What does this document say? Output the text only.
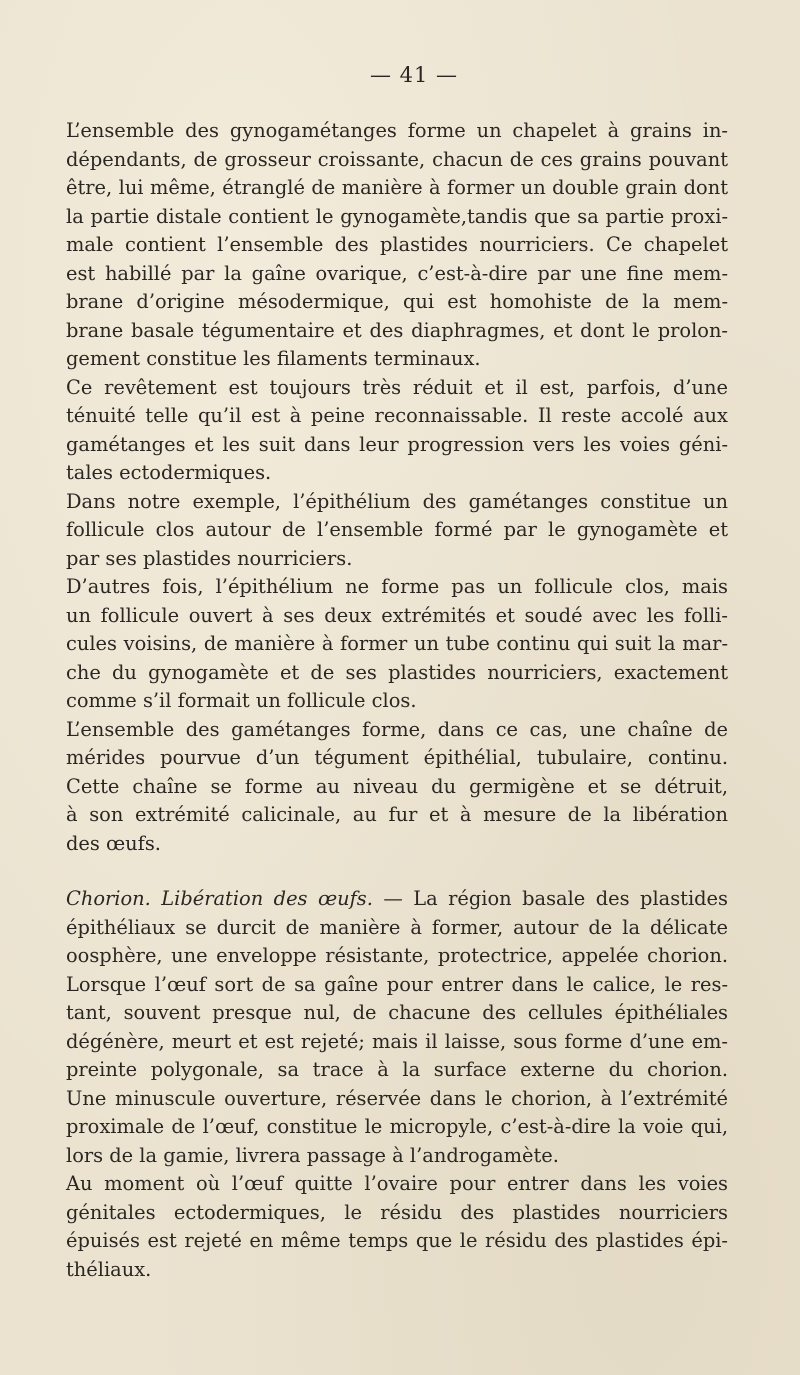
— 41 —

L’ensemble des gynogamétanges forme un chapelet à grains in-
dépendants, de grosseur croissante, chacun de ces grains pouvant
être, lui même, étranglé de manière à former un double grain dont
la partie distale contient le gynogamète,tandis que sa partie proxi-
male contient l’ensemble des plastides nourriciers. Ce chapelet
est habillé par la gaîne ovarique, c’est-à-dire par une fine mem-
brane d’origine mésodermique, qui est homohiste de la mem-
brane basale tégumentaire et des diaphragmes, et dont le prolon-
gement constitue les filaments terminaux.

Ce revêtement est toujours très réduit et il est, parfois, d’une
ténuité telle qu’il est à peine reconnaissable. Il reste accolé aux
gamétanges et les suit dans leur progression vers les voies géni-
tales ectodermiques.

Dans notre exemple, l’épithélium des gamétanges constitue un
follicule clos autour de l’ensemble formé par le gynogamète et
par ses plastides nourriciers.

D’autres fois, l’épithélium ne forme pas un follicule clos, mais
un follicule ouvert à ses deux extrémités et soudé avec les folli-
cules voisins, de manière à former un tube continu qui suit la mar-
che du gynogamète et de ses plastides nourriciers, exactement
comme s’il formait un follicule clos.

L’ensemble des gamétanges forme, dans ce cas, une chaîne de
mérides pourvue d’un tégument épithélial, tubulaire, continu.
Cette chaîne se forme au niveau du germigène et se détruit,
à son extrémité calicinale, au fur et à mesure de la libération
des œufs.

Chorion. Libération des œufs. — La région basale des plastides
épithéliaux se durcit de manière à former, autour de la délicate
oosphère, une enveloppe résistante, protectrice, appelée chorion.
Lorsque l’œuf sort de sa gaîne pour entrer dans le calice, le res-
tant, souvent presque nul, de chacune des cellules épithéliales
dégénère, meurt et est rejeté; mais il laisse, sous forme d’une em-
preinte polygonale, sa trace à la surface externe du chorion.
Une minuscule ouverture, réservée dans le chorion, à l’extrémité
proximale de l’œuf, constitue le micropyle, c’est-à-dire la voie qui,
lors de la gamie, livrera passage à l’androgamète.

Au moment où l’œuf quitte l’ovaire pour entrer dans les voies
génitales ectodermiques, le résidu des plastides nourriciers
épuisés est rejeté en même temps que le résidu des plastides épi-
théliaux.
